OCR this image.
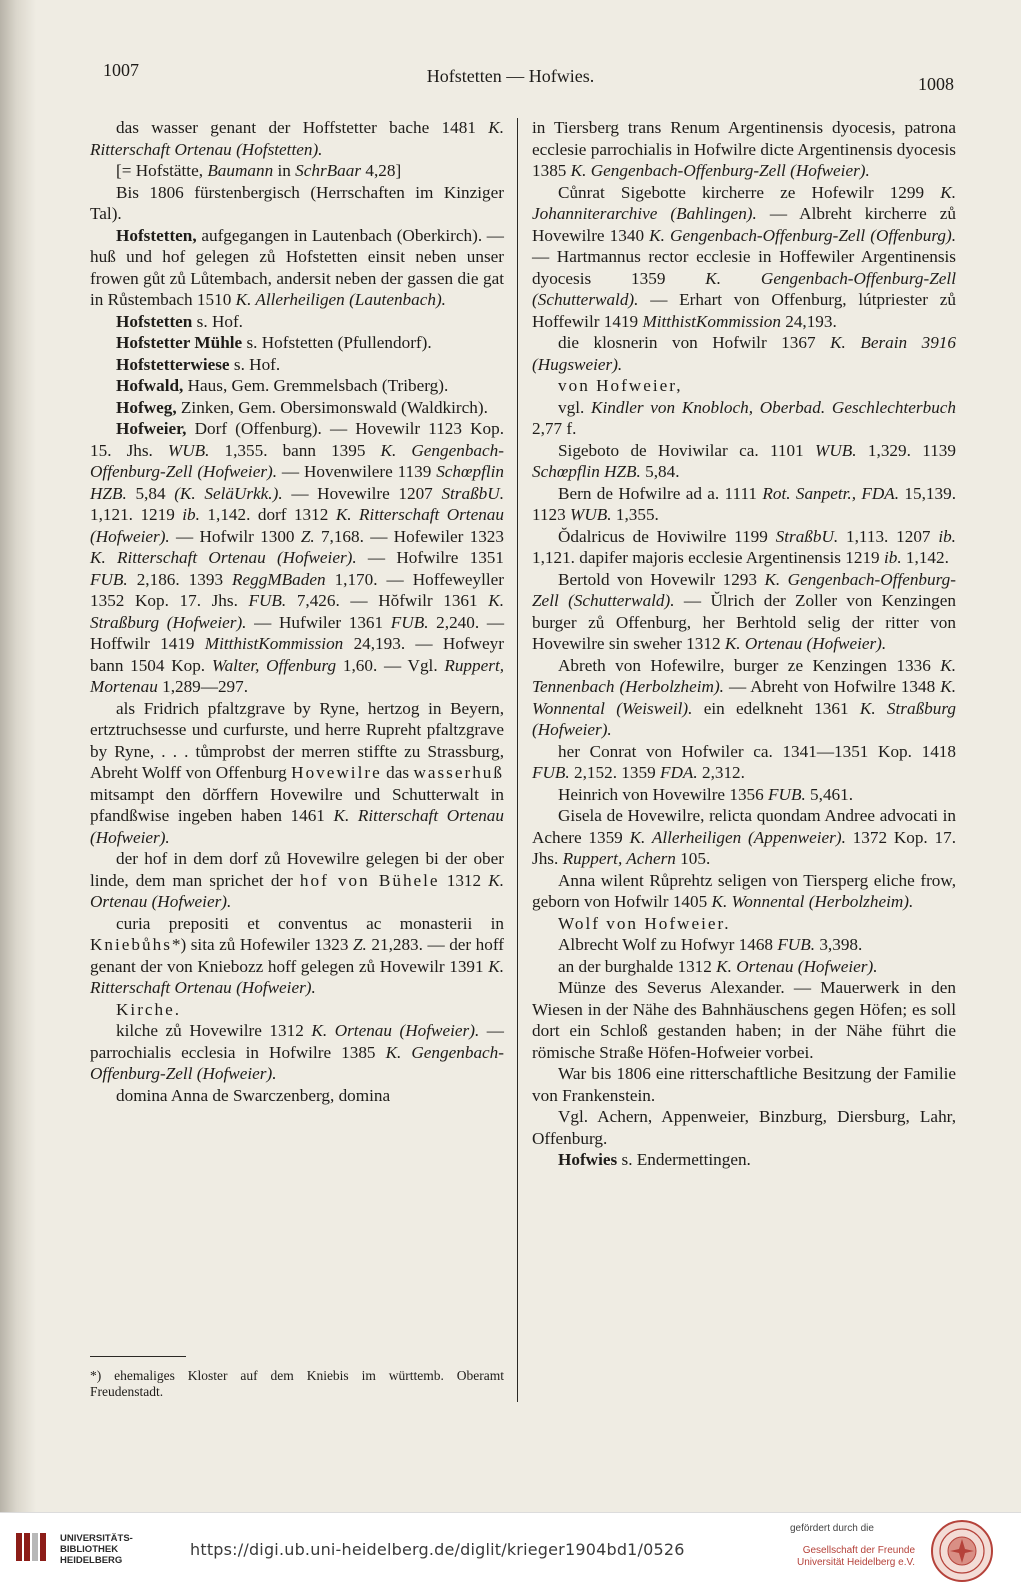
1007	Hofstetten — Hofwies.	1008

das wasser genant der Hoffstetter bache 1481 K. Ritterschaft Ortenau (Hofstetten).

[= Hofstätte, Baumann in SchrBaar 4,28]

Bis 1806 fürstenbergisch (Herrschaften im Kinziger Tal).

Hofstetten, aufgegangen in Lautenbach (Oberkirch). — huß und hof gelegen zů Hofstetten einsit neben unser frowen gůt zů Lůtembach, andersit neben der gassen die gat in Růstembach 1510 K. Allerheiligen (Lautenbach).

Hofstetten s. Hof.

Hofstetter Mühle s. Hofstetten (Pfullendorf).

Hofstetterwiese s. Hof.

Hofwald, Haus, Gem. Gremmelsbach (Triberg).

Hofweg, Zinken, Gem. Obersimonswald (Waldkirch).

Hofweier, Dorf (Offenburg). — Hovewilr 1123 Kop. 15. Jhs. WUB. 1,355. bann 1395 K. Gengenbach-Offenburg-Zell (Hofweier). — Hovenwilere 1139 Schœpflin HZB. 5,84 (K. SeläUrkk.). — Hovewilre 1207 StraßbU. 1,121. 1219 ib. 1,142. dorf 1312 K. Ritterschaft Ortenau (Hofweier). — Hofwilr 1300 Z. 7,168. — Hofewiler 1323 K. Ritterschaft Ortenau (Hofweier). — Hofwilre 1351 FUB. 2,186. 1393 ReggMBaden 1,170. — Hoffeweyller 1352 Kop. 17. Jhs. FUB. 7,426. — Hŏfwilr 1361 K. Straßburg (Hofweier). — Hufwiler 1361 FUB. 2,240. — Hoffwilr 1419 MitthistKommission 24,193. — Hofweyr bann 1504 Kop. Walter, Offenburg 1,60. — Vgl. Ruppert, Mortenau 1,289—297.

als Fridrich pfaltzgrave by Ryne, hertzog in Beyern, ertztruchsesse und curfurste, und herre Rupreht pfaltzgrave by Ryne, . . . tůmprobst der merren stiffte zu Strassburg, Abreht Wolff von Offenburg Hovewilre das wasserhuß mitsampt den dŏrffern Hovewilre und Schutterwalt in pfandßwise ingeben haben 1461 K. Ritterschaft Ortenau (Hofweier).

der hof in dem dorf zů Hovewilre gelegen bi der ober linde, dem man sprichet der hof von Bühele 1312 K. Ortenau (Hofweier).

curia prepositi et conventus ac monasterii in Kniebůhs*) sita zů Hofewiler 1323 Z. 21,283. — der hoff genant der von Kniebozz hoff gelegen zů Hovewilr 1391 K. Ritterschaft Ortenau (Hofweier).

Kirche.

kilche zů Hovewilre 1312 K. Ortenau (Hofweier). — parrochialis ecclesia in Hofwilre 1385 K. Gengenbach-Offenburg-Zell (Hofweier).

domina Anna de Swarczenberg, domina

in Tiersberg trans Renum Argentinensis dyocesis, patrona ecclesie parrochialis in Hofwilre dicte Argentinensis dyocesis 1385 K. Gengenbach-Offenburg-Zell (Hofweier).

Cůnrat Sigebotte kircherre ze Hofewilr 1299 K. Johanniterarchive (Bahlingen). — Albreht kircherre zů Hovewilre 1340 K. Gengenbach-Offenburg-Zell (Offenburg). — Hartmannus rector ecclesie in Hoffewiler Argentinensis dyocesis 1359 K. Gengenbach-Offenburg-Zell (Schutterwald). — Erhart von Offenburg, lútpriester zů Hoffewilr 1419 MitthistKommission 24,193.

die klosnerin von Hofwilr 1367 K. Berain 3916 (Hugsweier).

von Hofweier,

vgl. Kindler von Knobloch, Oberbad. Geschlechterbuch 2,77 f.

Sigeboto de Hoviwilar ca. 1101 WUB. 1,329. 1139 Schœpflin HZB. 5,84.

Bern de Hofwilre ad a. 1111 Rot. Sanpetr., FDA. 15,139. 1123 WUB. 1,355.

Ŏdalricus de Hoviwilre 1199 StraßbU. 1,113. 1207 ib. 1,121. dapifer majoris ecclesie Argentinensis 1219 ib. 1,142.

Bertold von Hovewilr 1293 K. Gengenbach-Offenburg-Zell (Schutterwald). — Ŭlrich der Zoller von Kenzingen burger zů Offenburg, her Berhtold selig der ritter von Hovewilre sin sweher 1312 K. Ortenau (Hofweier).

Abreth von Hofewilre, burger ze Kenzingen 1336 K. Tennenbach (Herbolzheim). — Abreht von Hofwilre 1348 K. Wonnental (Weisweil). ein edelkneht 1361 K. Straßburg (Hofweier).

her Conrat von Hofwiler ca. 1341—1351 Kop. 1418 FUB. 2,152. 1359 FDA. 2,312.

Heinrich von Hovewilre 1356 FUB. 5,461.

Gisela de Hovewilre, relicta quondam Andree advocati in Achere 1359 K. Allerheiligen (Appenweier). 1372 Kop. 17. Jhs. Ruppert, Achern 105.

Anna wilent Růprehtz seligen von Tiersperg eliche frow, geborn von Hofwilr 1405 K. Wonnental (Herbolzheim).

Wolf von Hofweier.

Albrecht Wolf zu Hofwyr 1468 FUB. 3,398.

an der burghalde 1312 K. Ortenau (Hofweier).

Münze des Severus Alexander. — Mauerwerk in den Wiesen in der Nähe des Bahnhäuschens gegen Höfen; es soll dort ein Schloß gestanden haben; in der Nähe führt die römische Straße Höfen-Hofweier vorbei.

War bis 1806 eine ritterschaftliche Besitzung der Familie von Frankenstein.

Vgl. Achern, Appenweier, Binzburg, Diersburg, Lahr, Offenburg.

Hofwies s. Endermettingen.

*) ehemaliges Kloster auf dem Kniebis im württemb. Oberamt Freudenstadt.
UNIVERSITÄTS-
BIBLIOTHEK
HEIDELBERG
https://digi.ub.uni-heidelberg.de/diglit/krieger1904bd1/0526
gefördert durch die
Gesellschaft der Freunde
Universität Heidelberg e.V.
